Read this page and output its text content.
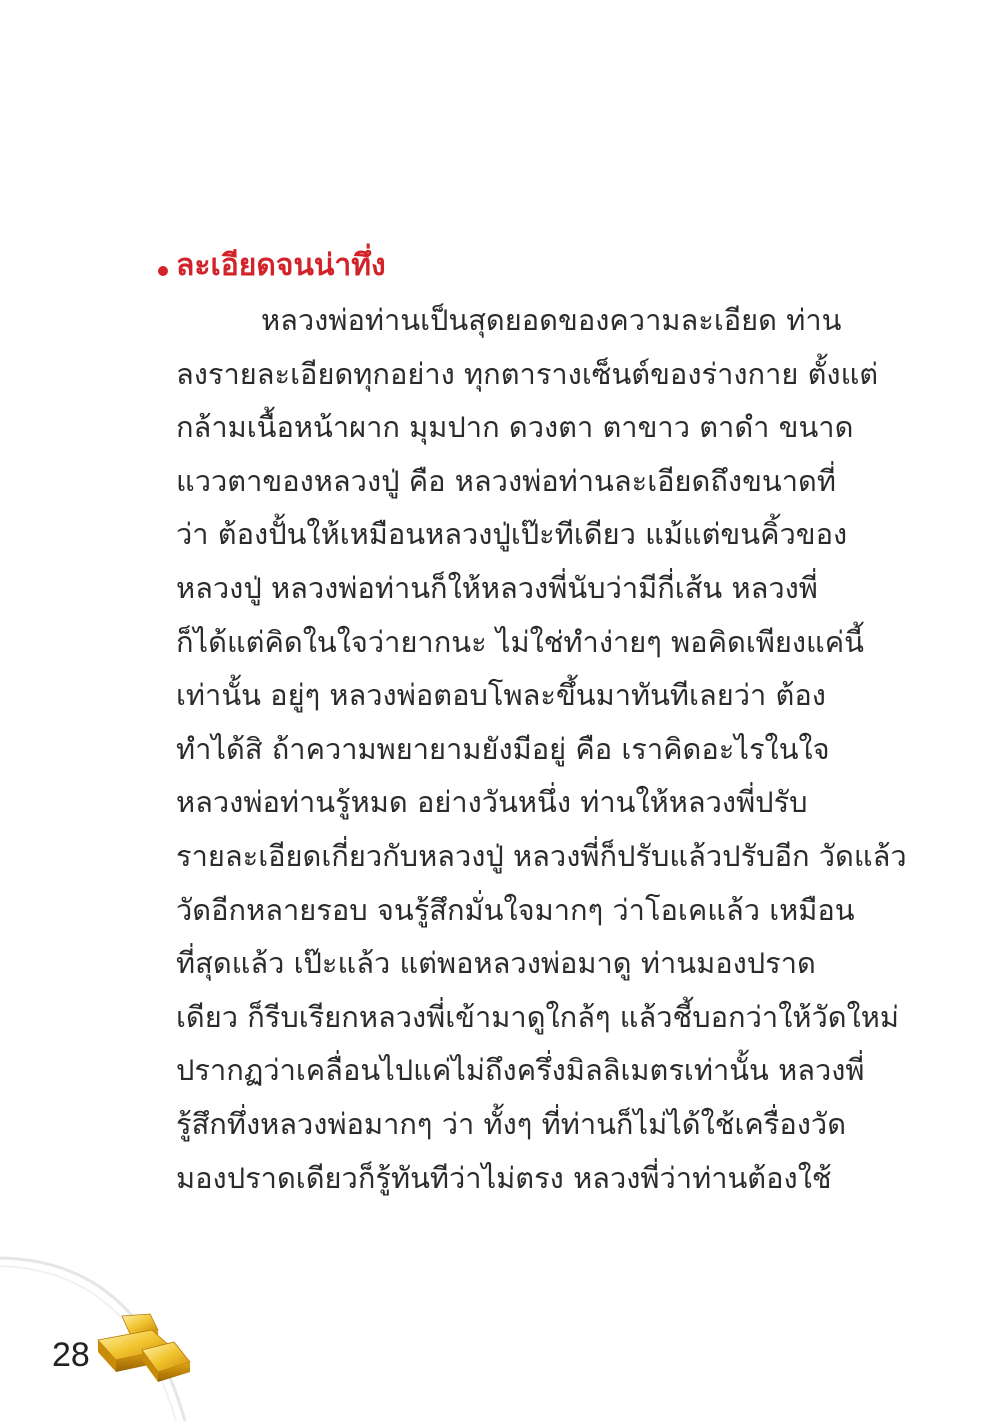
ละเอียดจนน่าทึ่ง
หลวงพ่อท่านเป็นสุดยอดของความละเอียด ท่าน
ลงรายละเอียดทุกอย่าง ทุกตารางเซ็นต์ของร่างกาย ตั้งแต่
กล้ามเนื้อหน้าผาก มุมปาก ดวงตา ตาขาว ตาดำ ขนาด
แววตาของหลวงปู่ คือ หลวงพ่อท่านละเอียดถึงขนาดที่
ว่า ต้องปั้นให้เหมือนหลวงปู่เป๊ะทีเดียว แม้แต่ขนคิ้วของ
หลวงปู่ หลวงพ่อท่านก็ให้หลวงพี่นับว่ามีกี่เส้น หลวงพี่
ก็ได้แต่คิดในใจว่ายากนะ ไม่ใช่ทำง่ายๆ พอคิดเพียงแค่นี้
เท่านั้น อยู่ๆ หลวงพ่อตอบโพละขึ้นมาทันทีเลยว่า ต้อง
ทำได้สิ ถ้าความพยายามยังมีอยู่ คือ เราคิดอะไรในใจ
หลวงพ่อท่านรู้หมด อย่างวันหนึ่ง ท่านให้หลวงพี่ปรับ
รายละเอียดเกี่ยวกับหลวงปู่ หลวงพี่ก็ปรับแล้วปรับอีก วัดแล้ว
วัดอีกหลายรอบ จนรู้สึกมั่นใจมากๆ ว่าโอเคแล้ว เหมือน
ที่สุดแล้ว เป๊ะแล้ว แต่พอหลวงพ่อมาดู ท่านมองปราด
เดียว ก็รีบเรียกหลวงพี่เข้ามาดูใกล้ๆ แล้วชี้บอกว่าให้วัดใหม่
ปรากฏว่าเคลื่อนไปแค่ไม่ถึงครึ่งมิลลิเมตรเท่านั้น หลวงพี่
รู้สึกทึ่งหลวงพ่อมากๆ ว่า ทั้งๆ ที่ท่านก็ไม่ได้ใช้เครื่องวัด
มองปราดเดียวก็รู้ทันทีว่าไม่ตรง หลวงพี่ว่าท่านต้องใช้
28
